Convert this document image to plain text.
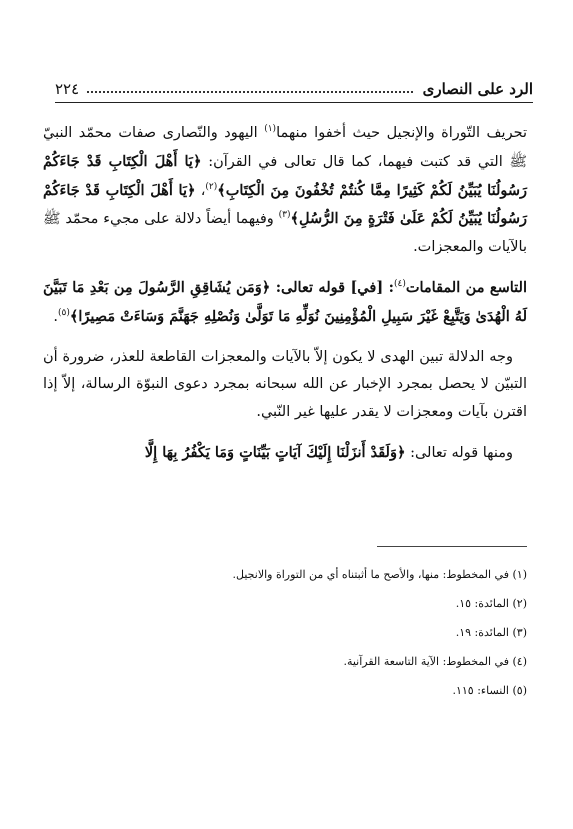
الرد على النصارى
٢٢٤

تحريف التّوراة والإنجيل حيث أخفوا منهما$^{(١)}$ اليهود والنّصارى صفات محمّد النبيّ ﷺ التي قد كتبت فيهما، كما قال تعالى في القرآن: ﴿يَا أَهْلَ الْكِتَابِ قَدْ جَاءَكُمْ رَسُولُنَا يُبَيِّنُ لَكُمْ كَثِيرًا مِمَّا كُنتُمْ تُخْفُونَ مِنَ الْكِتَابِ﴾$^{(٢)}$، ﴿يَا أَهْلَ الْكِتَابِ قَدْ جَاءَكُمْ رَسُولُنَا يُبَيِّنُ لَكُمْ عَلَىٰ فَتْرَةٍ مِنَ الرُّسُلِ﴾$^{(٣)}$ وفيهما أيضاً دلالة على مجيء محمّد ﷺ بالآيات والمعجزات.

التاسع من المقامات$^{(٤)}$: [في] قوله تعالى: ﴿وَمَن يُشَاقِقِ الرَّسُولَ مِن بَعْدِ مَا تَبَيَّنَ لَهُ الْهُدَىٰ وَيَتَّبِعْ غَيْرَ سَبِيلِ الْمُؤْمِنِينَ نُوَلِّهِ مَا تَوَلَّىٰ وَنُصْلِهِ جَهَنَّمَ وَسَاءَتْ مَصِيرًا﴾$^{(٥)}$.

وجه الدلالة تبين الهدى لا يكون إلاّ بالآيات والمعجزات القاطعة للعذر، ضرورة أن التبيّن لا يحصل بمجرد الإخبار عن الله سبحانه بمجرد دعوى النبوّة الرسالة، إلاّ إذا اقترن بآيات ومعجزات لا يقدر عليها غير النّبي.

ومنها قوله تعالى: ﴿وَلَقَدْ أَنزَلْنَا إِلَيْكَ آيَاتٍ بَيِّنَاتٍ وَمَا يَكْفُرُ بِهَا إِلَّا

(١) في المخطوط: منها، والأصح ما أثبتناه أي من التوراة والانجيل.

(٢) المائدة: ١٥.

(٣) المائدة: ١٩.

(٤) في المخطوط: الآية التاسعة القرآنية.

(٥) النساء: ١١٥.
